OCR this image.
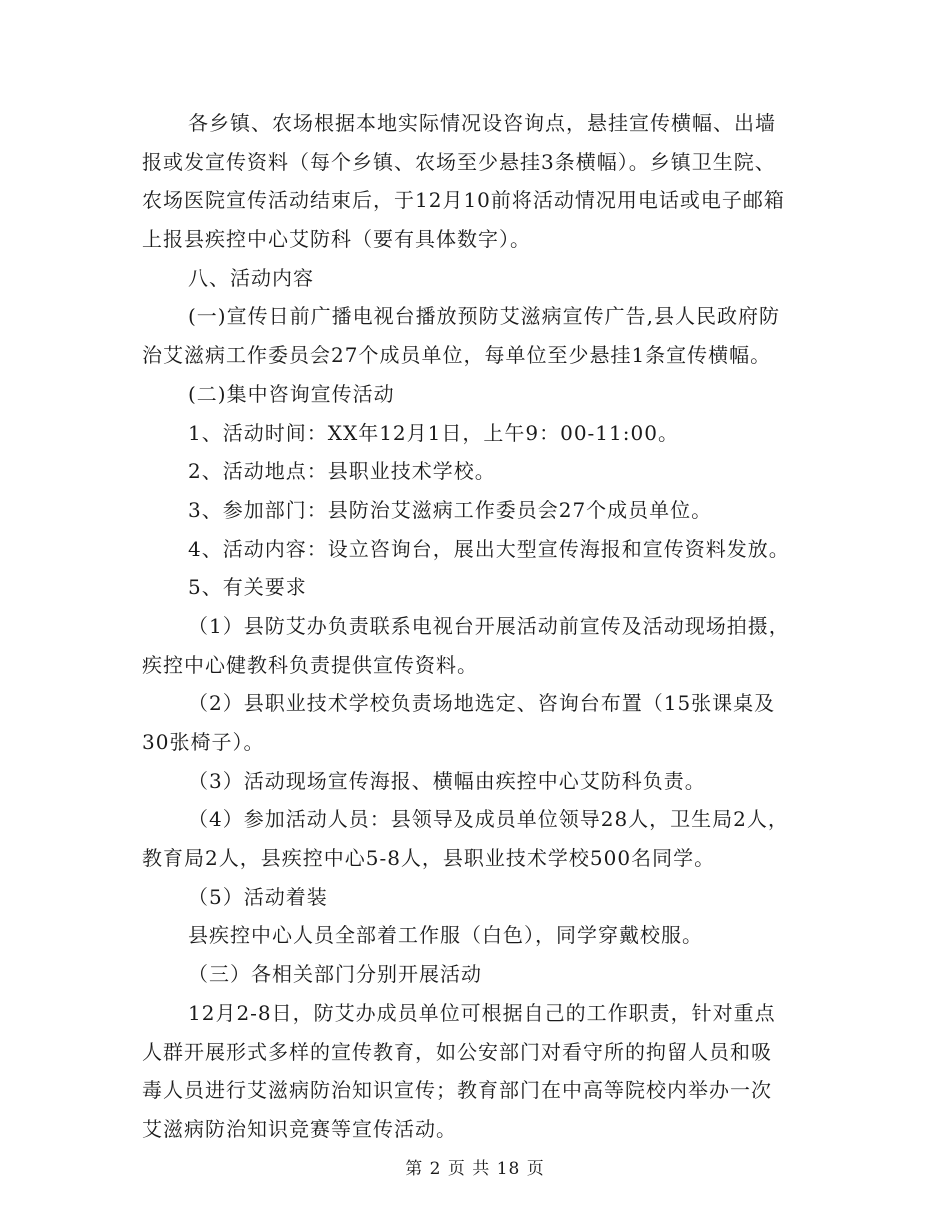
各乡镇、农场根据本地实际情况设咨询点，悬挂宣传横幅、出墙
报或发宣传资料（每个乡镇、农场至少悬挂3条横幅）。乡镇卫生院、
农场医院宣传活动结束后，于12月10前将活动情况用电话或电子邮箱
上报县疾控中心艾防科（要有具体数字）。
八、活动内容
(一)宣传日前广播电视台播放预防艾滋病宣传广告,县人民政府防
治艾滋病工作委员会27个成员单位，每单位至少悬挂1条宣传横幅。
(二)集中咨询宣传活动
1、活动时间：XX年12月1日，上午9：00-11:00。
2、活动地点：县职业技术学校。
3、参加部门：县防治艾滋病工作委员会27个成员单位。
4、活动内容：设立咨询台，展出大型宣传海报和宣传资料发放。
5、有关要求
（1）县防艾办负责联系电视台开展活动前宣传及活动现场拍摄，
疾控中心健教科负责提供宣传资料。
（2）县职业技术学校负责场地选定、咨询台布置（15张课桌及
30张椅子）。
（3）活动现场宣传海报、横幅由疾控中心艾防科负责。
（4）参加活动人员：县领导及成员单位领导28人，卫生局2人，
教育局2人，县疾控中心5-8人，县职业技术学校500名同学。
（5）活动着装
县疾控中心人员全部着工作服（白色），同学穿戴校服。
（三）各相关部门分别开展活动
12月2-8日，防艾办成员单位可根据自己的工作职责，针对重点
人群开展形式多样的宣传教育，如公安部门对看守所的拘留人员和吸
毒人员进行艾滋病防治知识宣传；教育部门在中高等院校内举办一次
艾滋病防治知识竞赛等宣传活动。
第 2 页 共 18 页
